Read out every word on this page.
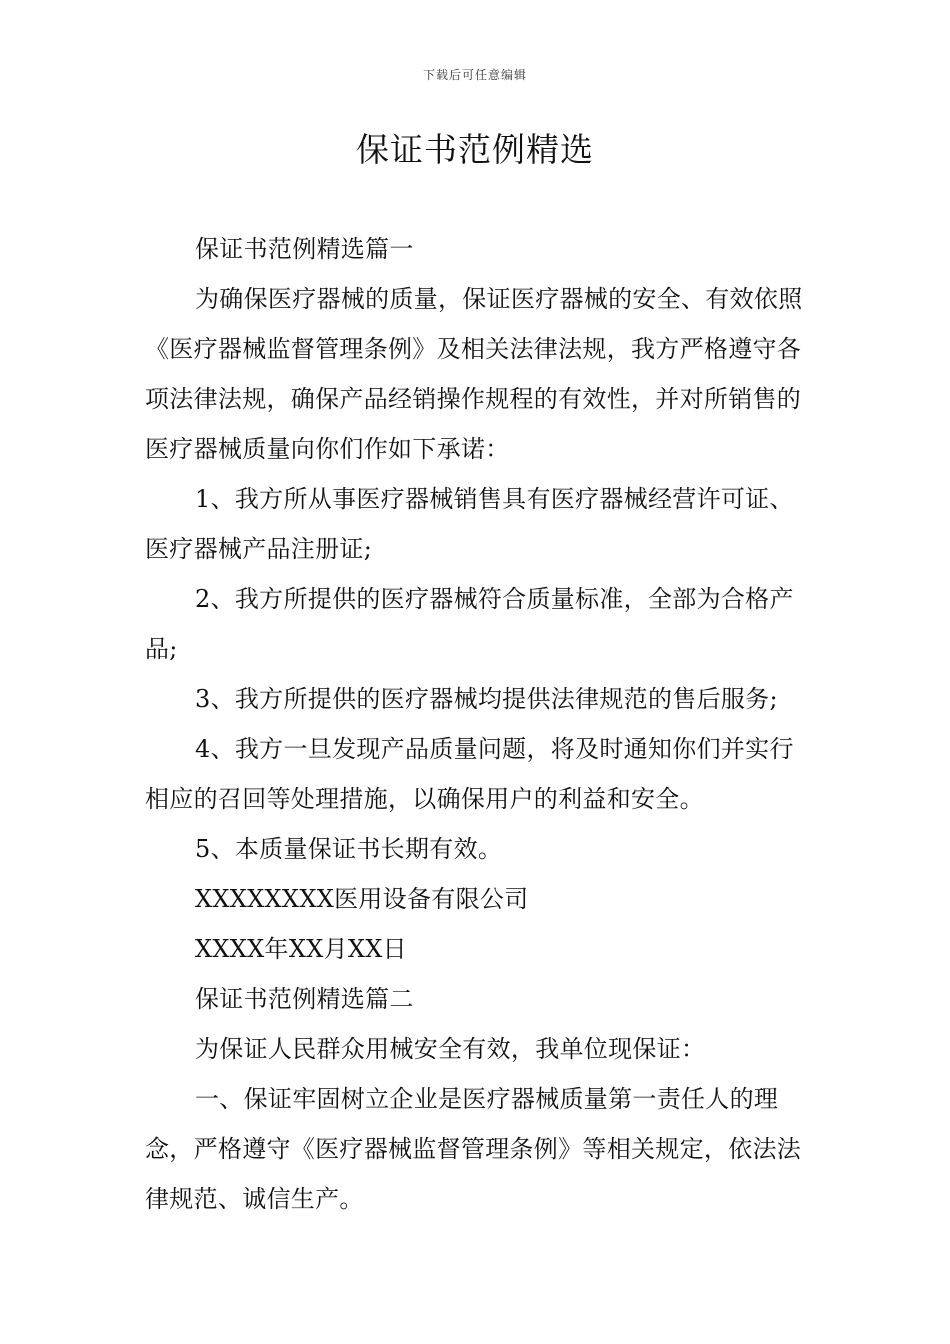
下载后可任意编辑
保证书范例精选

保证书范例精选篇一

为确保医疗器械的质量，保证医疗器械的安全、有效依照《医疗器械监督管理条例》及相关法律法规，我方严格遵守各项法律法规，确保产品经销操作规程的有效性，并对所销售的医疗器械质量向你们作如下承诺：

1、我方所从事医疗器械销售具有医疗器械经营许可证、医疗器械产品注册证;

2、我方所提供的医疗器械符合质量标准，全部为合格产品;

3、我方所提供的医疗器械均提供法律规范的售后服务;

4、我方一旦发现产品质量问题，将及时通知你们并实行相应的召回等处理措施，以确保用户的利益和安全。

5、本质量保证书长期有效。

XXXXXXXX医用设备有限公司

XXXX年XX月XX日

保证书范例精选篇二

为保证人民群众用械安全有效，我单位现保证：

一、保证牢固树立企业是医疗器械质量第一责任人的理念，严格遵守《医疗器械监督管理条例》等相关规定，依法法律规范、诚信生产。
